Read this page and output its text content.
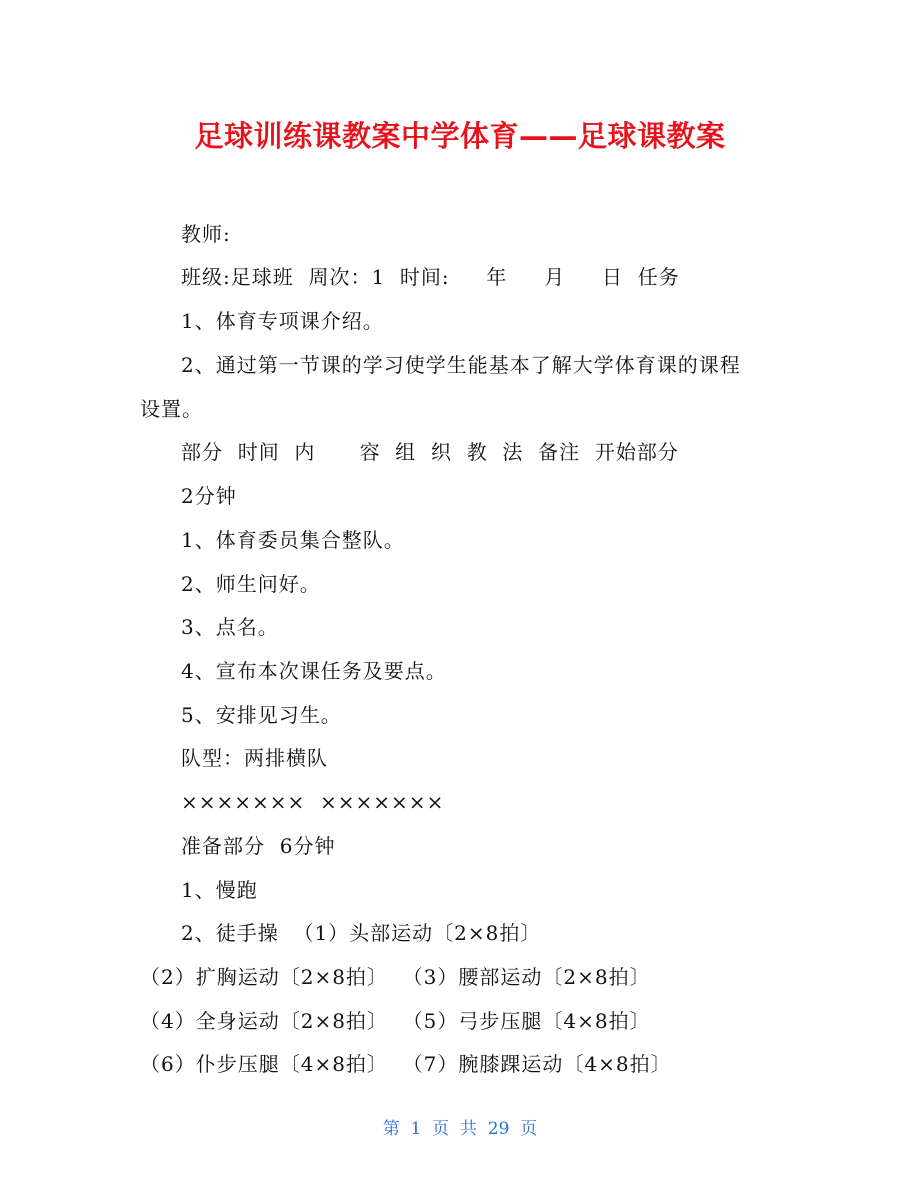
足球训练课教案中学体育——足球课教案
教师:
班级:足球班  周次：1  时间:     年     月     日  任务
1、体育专项课介绍。
2、通过第一节课的学习使学生能基本了解大学体育课的课程
设置。
部分  时间  内      容  组  织  教  法  备注  开始部分
2分钟
1、体育委员集合整队。
2、师生问好。
3、点名。
4、宣布本次课任务及要点。
5、安排见习生。
队型：两排横队
×××××××  ×××××××
准备部分  6分钟
1、慢跑
2、徒手操  （1）头部运动〔2×8拍〕
（2）扩胸运动〔2×8拍〕  （3）腰部运动〔2×8拍〕
（4）全身运动〔2×8拍〕  （5）弓步压腿〔4×8拍〕
（6）仆步压腿〔4×8拍〕  （7）腕膝踝运动〔4×8拍〕
第  1  页  共  29  页
